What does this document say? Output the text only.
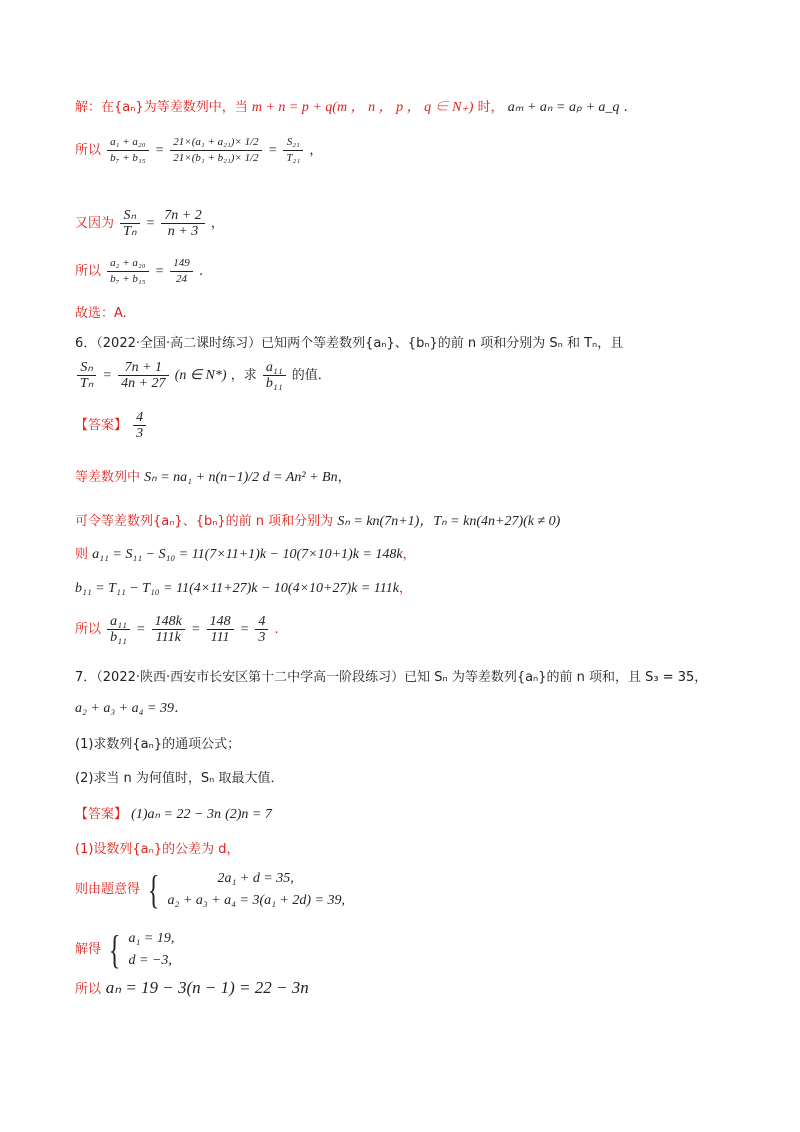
解：在{aₙ}为等差数列中，当 m + n = p + q(m ， n ， p ， q ∈ N₊) 时， aₘ + aₙ = aₚ + a_q .
所以 $\frac{\text{a₁ + a₂₀}}{\text{b₇ + b₁₅}} = \frac{\text{21×(a₁ + a₂₁)× 1/2}}{\text{21×(b₁ + b₂₁)× 1/2}} = \frac{\text{S₂₁}}{\text{T₂₁}}$ ，
又因为 $\frac{\text{Sₙ}}{\text{Tₙ}} = \frac{7n + 2}{n + 3}$ ，
所以 $\frac{\text{a₂ + a₂₀}}{\text{b₇ + b₁₅}} = \frac{149}{24}$ .
故选：A.
6．（2022·全国·高二课时练习）已知两个等差数列{aₙ}、{bₙ}的前 n 项和分别为 Sₙ 和 Tₙ，且
$\frac{\text{Sₙ}}{\text{Tₙ}} = \frac{7n + 1}{4n + 27} (n$ ∈ N*) ，求 $\frac{\text{a₁₁}}{\text{b₁₁}}$ 的值．
【答案】 $\frac{4}{3}$
等差数列中 Sₙ = na₁ + n(n−1)/2 d = An² + Bn，
可令等差数列{aₙ}、{bₙ}的前 n 项和分别为 Sₙ = kn(7n+1)，Tₙ = kn(4n+27)(k ≠ 0)
则 a₁₁ = S₁₁ − S₁₀ = 11(7×11+1)k − 10(7×10+1)k = 148k，
b₁₁ = T₁₁ − T₁₀ = 11(4×11+27)k − 10(4×10+27)k = 111k，
所以 $\frac{\text{a₁₁}}{\text{b₁₁}} = \frac{148k}{111k} = \frac{148}{111} = \frac{4}{3}$ .
7．（2022·陕西·西安市长安区第十二中学高一阶段练习）已知 Sₙ 为等差数列{aₙ}的前 n 项和，且 S₃ = 35，
a₂ + a₃ + a₄ = 39．
(1)求数列{aₙ}的通项公式；
(2)求当 n 为何值时，Sₙ 取最大值．
【答案】 (1)aₙ = 22 − 3n (2)n = 7
(1)设数列{aₙ}的公差为 d，
则由题意得 {	2a₁ + d = 35,
a₂ + a₃ + a₄ = 3(a₁ + 2d) = 39,
解得 { a₁ = 19,
d = −3,
所以 aₙ = 19 − 3(n − 1) = 22 − 3n
